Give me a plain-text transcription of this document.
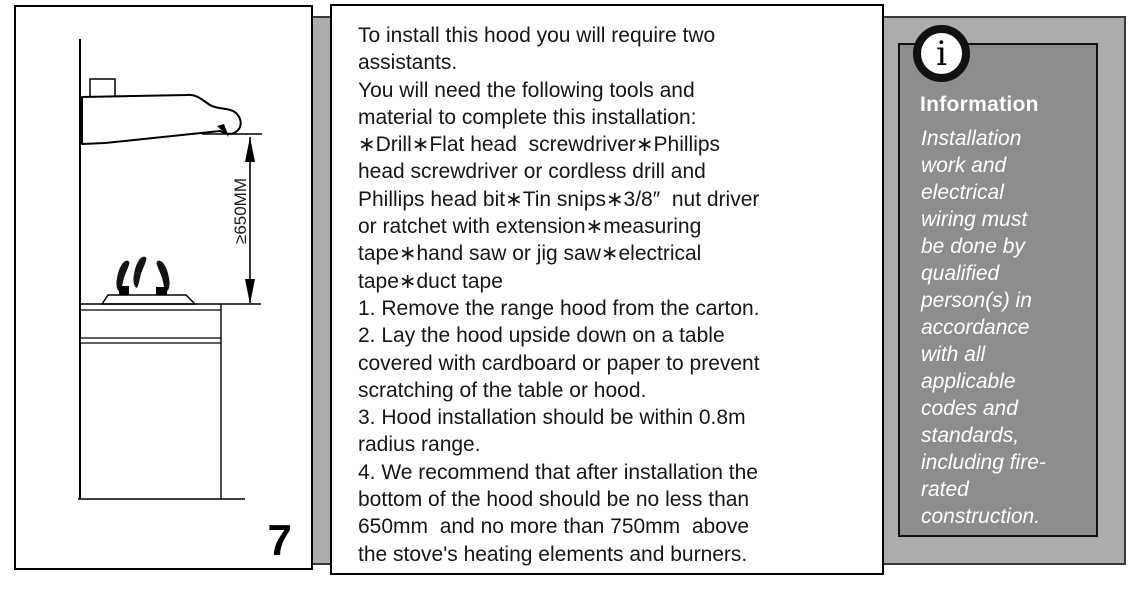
≥650MM
7
To install this hood you will require two
assistants.
You will need the following tools and
material to complete this installation:
∗Drill∗Flat head  screwdriver∗Phillips
head screwdriver or cordless drill and
Phillips head bit∗Tin snips∗3/8″  nut driver
or ratchet with extension∗measuring
tape∗hand saw or jig saw∗electrical
tape∗duct tape
1. Remove the range hood from the carton.
2. Lay the hood upside down on a table
covered with cardboard or paper to prevent
scratching of the table or hood.
3. Hood installation should be within 0.8m
radius range.
4. We recommend that after installation the
bottom of the hood should be no less than
650mm  and no more than 750mm  above
the stove's heating elements and burners.
i
Information
Installation
work and
electrical
wiring must
be done by
qualified
person(s) in
accordance
with all
applicable
codes and
standards,
including fire-
rated
construction.
